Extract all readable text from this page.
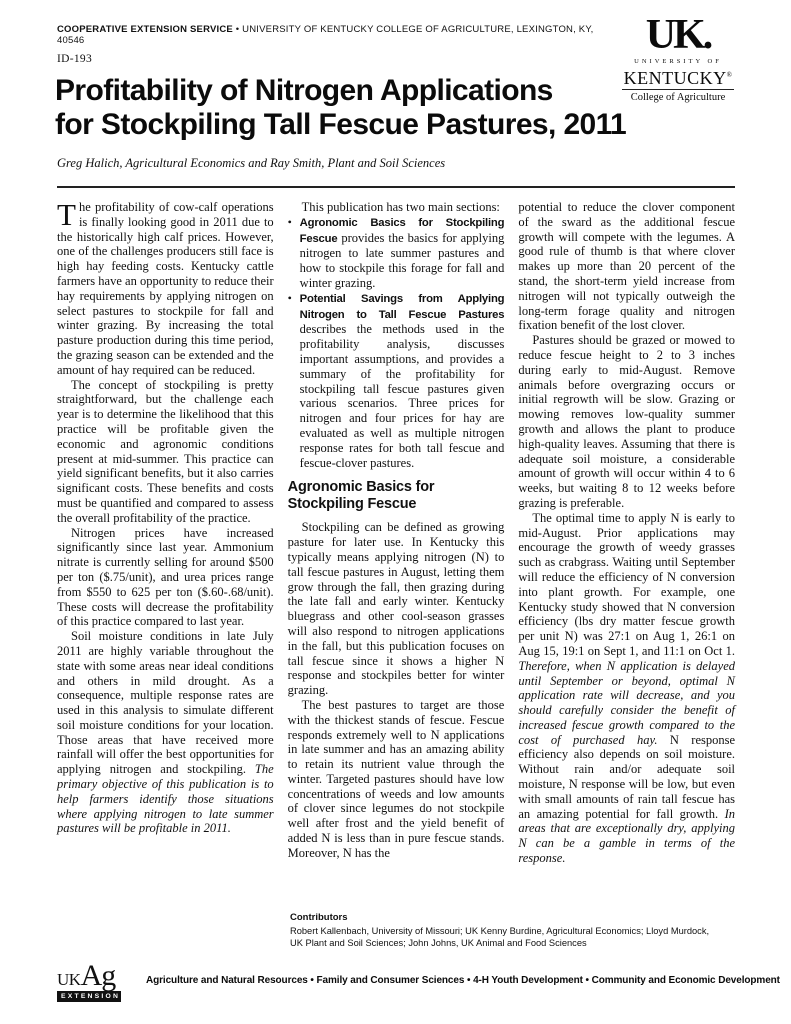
COOPERATIVE EXTENSION SERVICE • UNIVERSITY OF KENTUCKY COLLEGE OF AGRICULTURE, LEXINGTON, KY, 40546
ID-193
UK.
UNIVERSITY OF
KENTUCKY®
College of Agriculture
Profitability of Nitrogen Applications
for Stockpiling Tall Fescue Pastures, 2011
Greg Halich, Agricultural Economics and Ray Smith, Plant and Soil Sciences

The profitability of cow-calf operations is finally looking good in 2011 due to the historically high calf prices. However, one of the challenges producers still face is high hay feeding costs. Kentucky cattle farmers have an opportunity to reduce their hay requirements by applying nitrogen on select pastures to stockpile for fall and winter grazing. By increasing the total pasture production during this time period, the grazing season can be extended and the amount of hay required can be reduced.

The concept of stockpiling is pretty straightforward, but the challenge each year is to determine the likelihood that this practice will be profitable given the economic and agronomic conditions present at mid-summer. This practice can yield significant benefits, but it also carries significant costs. These benefits and costs must be quantified and compared to assess the overall profitability of the practice.

Nitrogen prices have increased significantly since last year. Ammonium nitrate is currently selling for around $500 per ton ($.75/unit), and urea prices range from $550 to 625 per ton ($.60-.68/unit). These costs will decrease the profitability of this practice compared to last year.

Soil moisture conditions in late July 2011 are highly variable throughout the state with some areas near ideal conditions and others in mild drought. As a consequence, multiple response rates are used in this analysis to simulate different soil moisture conditions for your location. Those areas that have received more rainfall will offer the best opportunities for applying nitrogen and stockpiling. The primary objective of this publication is to help farmers identify those situations where applying nitrogen to late summer pastures will be profitable in 2011.

This publication has two main sections:

• Agronomic Basics for Stockpiling Fescue provides the basics for applying nitrogen to late summer pastures and how to stockpile this forage for fall and winter grazing.
• Potential Savings from Applying Nitrogen to Tall Fescue Pastures describes the methods used in the profitability analysis, discusses important assumptions, and provides a summary of the profitability for stockpiling tall fescue pastures given various scenarios. Three prices for nitrogen and four prices for hay are evaluated as well as multiple nitrogen response rates for both tall fescue and fescue-clover pastures.
Agronomic Basics for Stockpiling Fescue

Stockpiling can be defined as growing pasture for later use. In Kentucky this typically means applying nitrogen (N) to tall fescue pastures in August, letting them grow through the fall, then grazing during the late fall and early winter. Kentucky bluegrass and other cool-season grasses will also respond to nitrogen applications in the fall, but this publication focuses on tall fescue since it shows a higher N response and stockpiles better for winter grazing.

The best pastures to target are those with the thickest stands of fescue. Fescue responds extremely well to N applications in late summer and has an amazing ability to retain its nutrient value through the winter. Targeted pastures should have low concentrations of weeds and low amounts of clover since legumes do not stockpile well after frost and the yield benefit of added N is less than in pure fescue stands. Moreover, N has the

potential to reduce the clover component of the sward as the additional fescue growth will compete with the legumes. A good rule of thumb is that where clover makes up more than 20 percent of the stand, the short-term yield increase from nitrogen will not typically outweigh the long-term forage quality and nitrogen fixation benefit of the lost clover.

Pastures should be grazed or mowed to reduce fescue height to 2 to 3 inches during early to mid-August. Remove animals before overgrazing occurs or initial regrowth will be slow. Grazing or mowing removes low-quality summer growth and allows the plant to produce high-quality leaves. Assuming that there is adequate soil moisture, a considerable amount of growth will occur within 4 to 6 weeks, but waiting 8 to 12 weeks before grazing is preferable.

The optimal time to apply N is early to mid-August. Prior applications may encourage the growth of weedy grasses such as crabgrass. Waiting until September will reduce the efficiency of N conversion into plant growth. For example, one Kentucky study showed that N conversion efficiency (lbs dry matter fescue growth per unit N) was 27:1 on Aug 1, 26:1 on Aug 15, 19:1 on Sept 1, and 11:1 on Oct 1. Therefore, when N application is delayed until September or beyond, optimal N application rate will decrease, and you should carefully consider the benefit of increased fescue growth compared to the cost of purchased hay. N response efficiency also depends on soil moisture. Without rain and/or adequate soil moisture, N response will be low, but even with small amounts of rain tall fescue has an amazing potential for fall growth. In areas that are exceptionally dry, applying N can be a gamble in terms of the response.

Contributors
Robert Kallenbach, University of Missouri; UK Kenny Burdine, Agricultural Economics; Lloyd Murdock, UK Plant and Soil Sciences; John Johns, UK Animal and Food Sciences
UKAg
EXTENSION
Agriculture and Natural Resources • Family and Consumer Sciences • 4-H Youth Development • Community and Economic Development
